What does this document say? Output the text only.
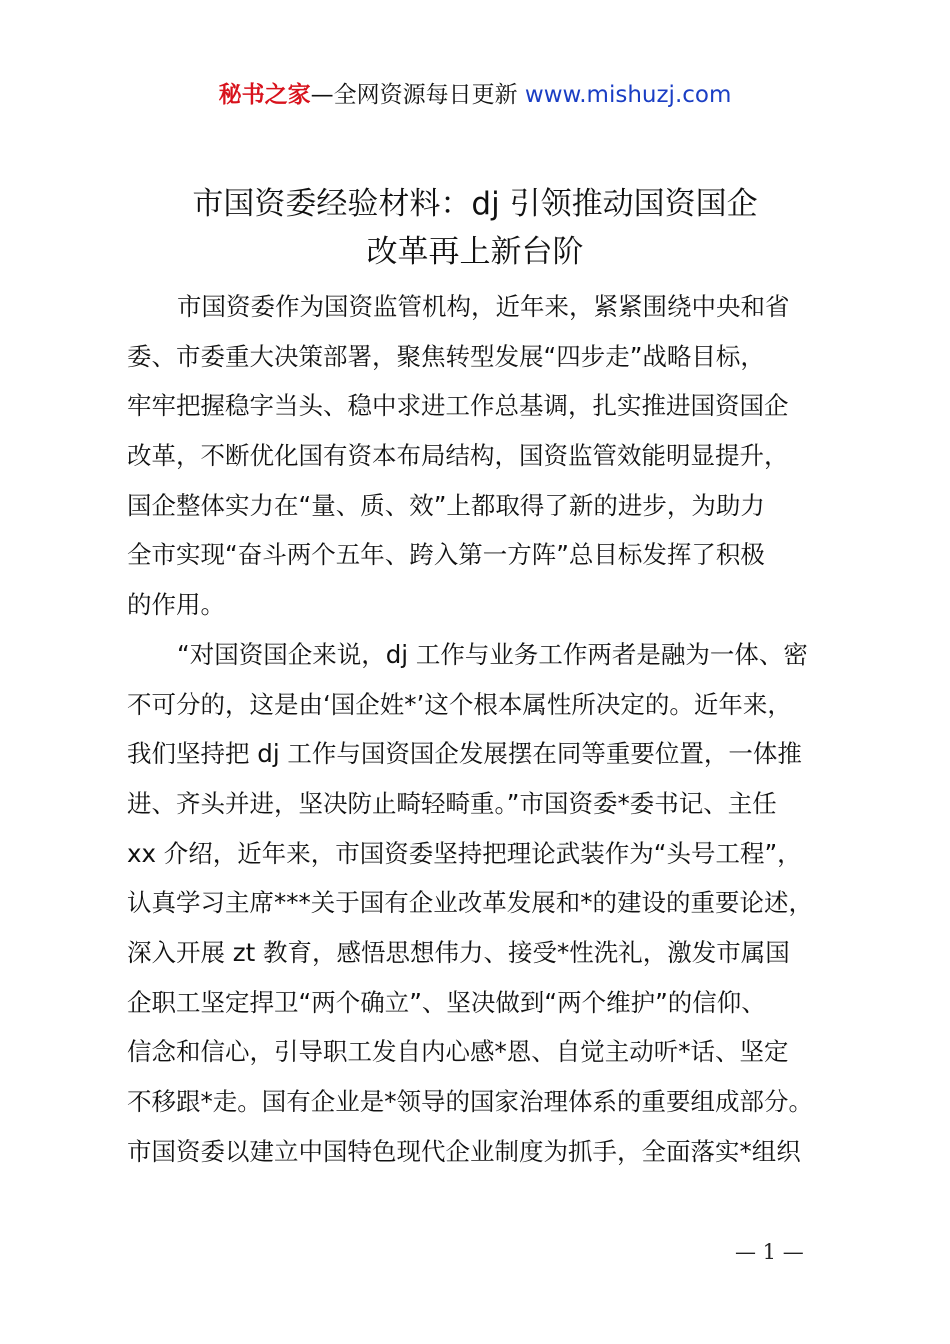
秘书之家—全网资源每日更新 www.mishuzj.com
市国资委经验材料：dj 引领推动国资国企
改革再上新台阶
市国资委作为国资监管机构，近年来，紧紧围绕中央和省
委、市委重大决策部署，聚焦转型发展“四步走”战略目标，
牢牢把握稳字当头、稳中求进工作总基调，扎实推进国资国企
改革，不断优化国有资本布局结构，国资监管效能明显提升，
国企整体实力在“量、质、效”上都取得了新的进步，为助力
全市实现“奋斗两个五年、跨入第一方阵”总目标发挥了积极
的作用。
“对国资国企来说，dj 工作与业务工作两者是融为一体、密
不可分的，这是由‘国企姓*’这个根本属性所决定的。近年来，
我们坚持把 dj 工作与国资国企发展摆在同等重要位置，一体推
进、齐头并进，坚决防止畸轻畸重。”市国资委*委书记、主任
xx 介绍，近年来，市国资委坚持把理论武装作为“头号工程”，
认真学习主席***关于国有企业改革发展和*的建设的重要论述，
深入开展 zt 教育，感悟思想伟力、接受*性洗礼，激发市属国
企职工坚定捍卫“两个确立”、坚决做到“两个维护”的信仰、
信念和信心，引导职工发自内心感*恩、自觉主动听*话、坚定
不移跟*走。国有企业是*领导的国家治理体系的重要组成部分。
市国资委以建立中国特色现代企业制度为抓手，全面落实*组织
— 1 —
